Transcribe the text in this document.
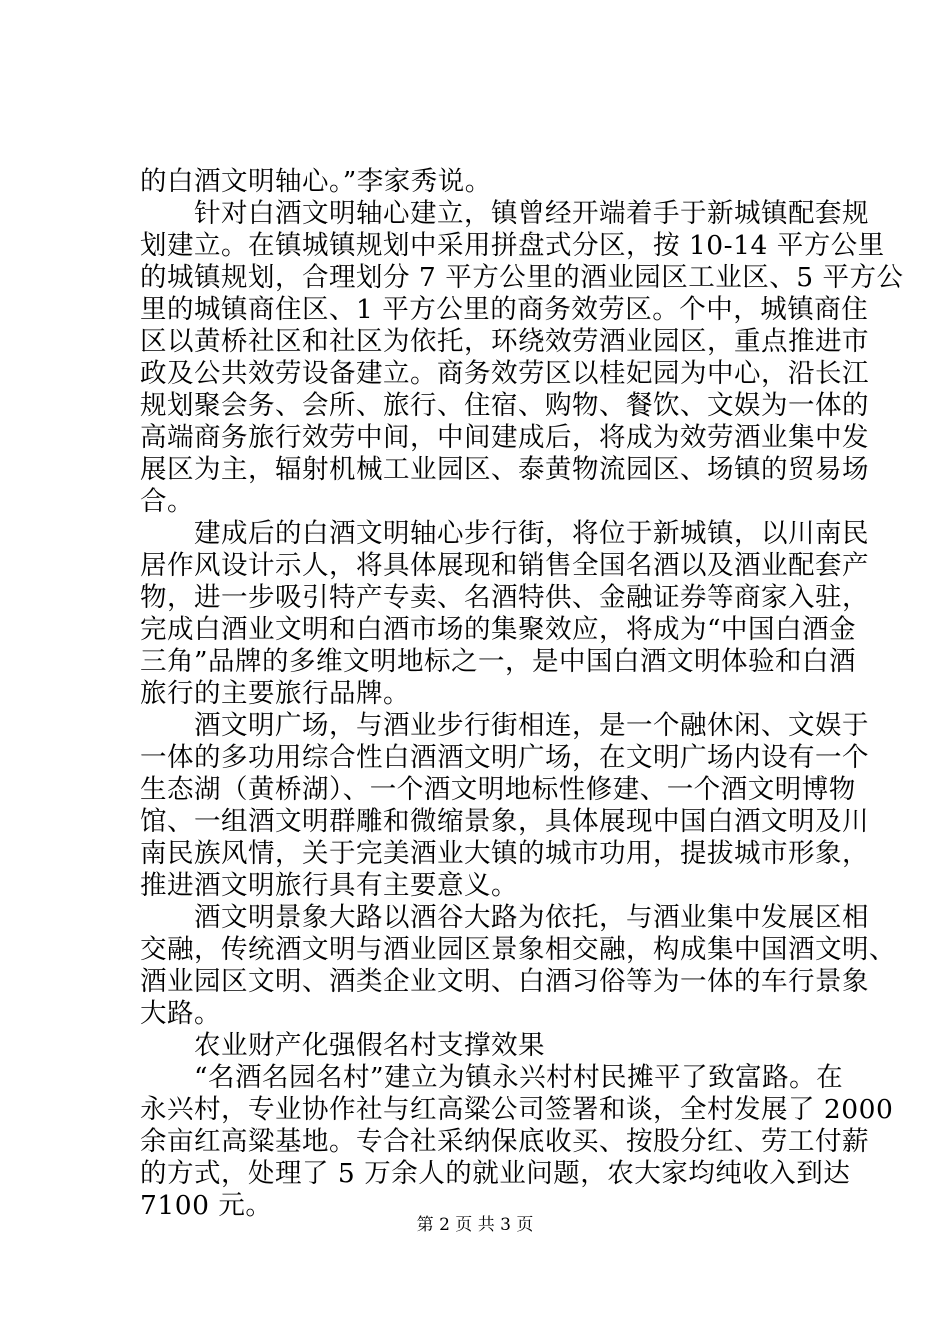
的白酒文明轴心。”李家秀说。
　　针对白酒文明轴心建立，镇曾经开端着手于新城镇配套规
划建立。在镇城镇规划中采用拼盘式分区，按 10-14 平方公里
的城镇规划，合理划分 7 平方公里的酒业园区工业区、5 平方公
里的城镇商住区、1 平方公里的商务效劳区。个中，城镇商住
区以黄桥社区和社区为依托，环绕效劳酒业园区，重点推进市
政及公共效劳设备建立。商务效劳区以桂妃园为中心，沿长江
规划聚会务、会所、旅行、住宿、购物、餐饮、文娱为一体的
高端商务旅行效劳中间，中间建成后，将成为效劳酒业集中发
展区为主，辐射机械工业园区、泰黄物流园区、场镇的贸易场
合。
　　建成后的白酒文明轴心步行街，将位于新城镇，以川南民
居作风设计示人，将具体展现和销售全国名酒以及酒业配套产
物，进一步吸引特产专卖、名酒特供、金融证券等商家入驻，
完成白酒业文明和白酒市场的集聚效应，将成为“中国白酒金
三角”品牌的多维文明地标之一，是中国白酒文明体验和白酒
旅行的主要旅行品牌。
　　酒文明广场，与酒业步行街相连，是一个融休闲、文娱于
一体的多功用综合性白酒酒文明广场，在文明广场内设有一个
生态湖（黄桥湖）、一个酒文明地标性修建、一个酒文明博物
馆、一组酒文明群雕和微缩景象，具体展现中国白酒文明及川
南民族风情，关于完美酒业大镇的城市功用，提拔城市形象，
推进酒文明旅行具有主要意义。
　　酒文明景象大路以酒谷大路为依托，与酒业集中发展区相
交融，传统酒文明与酒业园区景象相交融，构成集中国酒文明、
酒业园区文明、酒类企业文明、白酒习俗等为一体的车行景象
大路。
　　农业财产化强假名村支撑效果
　　“名酒名园名村”建立为镇永兴村村民摊平了致富路。在
永兴村，专业协作社与红高粱公司签署和谈，全村发展了 2000
余亩红高粱基地。专合社采纳保底收买、按股分红、劳工付薪
的方式，处理了 5 万余人的就业问题，农大家均纯收入到达
7100 元。
第 2 页 共 3 页
